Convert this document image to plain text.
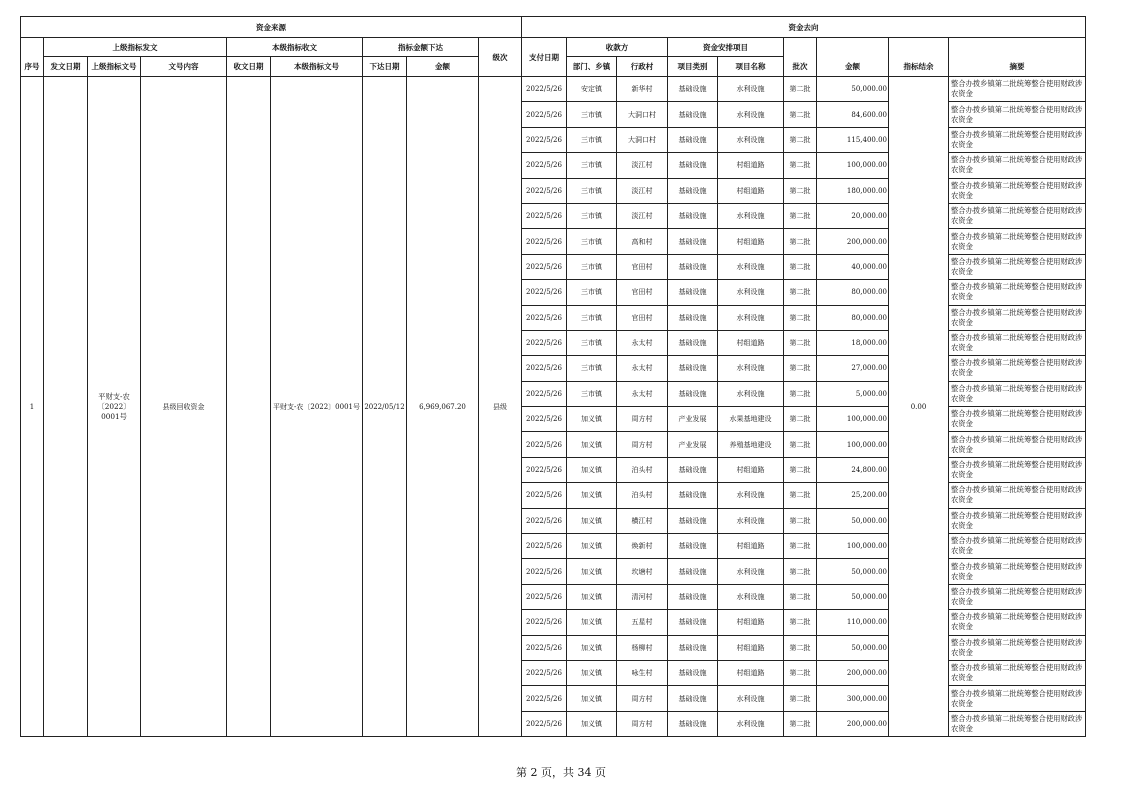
资金来源									资金去向								
	上级指标发文			本级指标收文		指标金额下达		级次	支付日期	收款方		资金安排项目					
序号	发文日期	上级指标文号	文号内容	收文日期	本级指标文号	下达日期	金额			部门、乡镇	行政村	项目类别	项目名称	批次	金额	指标结余	摘要
1		平财支-农〔2022〕0001号	县级回收资金		平财支-农〔2022〕0001号	2022/05/12	6,969,067.20	县级	2022/5/26	安定镇	新华村	基础设施	水利设施	第二批	50,000.00	0.00	整合办拨乡镇第二批统筹整合使用财政涉农资金
									2022/5/26	三市镇	大洞口村	基础设施	水利设施	第二批	84,600.00		整合办拨乡镇第二批统筹整合使用财政涉农资金
									2022/5/26	三市镇	大洞口村	基础设施	水利设施	第二批	115,400.00		整合办拨乡镇第二批统筹整合使用财政涉农资金
									2022/5/26	三市镇	淡江村	基础设施	村组道路	第二批	100,000.00		整合办拨乡镇第二批统筹整合使用财政涉农资金
									2022/5/26	三市镇	淡江村	基础设施	村组道路	第二批	180,000.00		整合办拨乡镇第二批统筹整合使用财政涉农资金
									2022/5/26	三市镇	淡江村	基础设施	水利设施	第二批	20,000.00		整合办拨乡镇第二批统筹整合使用财政涉农资金
									2022/5/26	三市镇	高和村	基础设施	村组道路	第二批	200,000.00		整合办拨乡镇第二批统筹整合使用财政涉农资金
									2022/5/26	三市镇	官田村	基础设施	水利设施	第二批	40,000.00		整合办拨乡镇第二批统筹整合使用财政涉农资金
									2022/5/26	三市镇	官田村	基础设施	水利设施	第二批	80,000.00		整合办拨乡镇第二批统筹整合使用财政涉农资金
									2022/5/26	三市镇	官田村	基础设施	水利设施	第二批	80,000.00		整合办拨乡镇第二批统筹整合使用财政涉农资金
									2022/5/26	三市镇	永太村	基础设施	村组道路	第二批	18,000.00		整合办拨乡镇第二批统筹整合使用财政涉农资金
									2022/5/26	三市镇	永太村	基础设施	水利设施	第二批	27,000.00		整合办拨乡镇第二批统筹整合使用财政涉农资金
									2022/5/26	三市镇	永太村	基础设施	水利设施	第二批	5,000.00		整合办拨乡镇第二批统筹整合使用财政涉农资金
									2022/5/26	加义镇	周方村	产业发展	水果基地建设	第二批	100,000.00		整合办拨乡镇第二批统筹整合使用财政涉农资金
									2022/5/26	加义镇	周方村	产业发展	养殖基地建设	第二批	100,000.00		整合办拨乡镇第二批统筹整合使用财政涉农资金
									2022/5/26	加义镇	泊头村	基础设施	村组道路	第二批	24,800.00		整合办拨乡镇第二批统筹整合使用财政涉农资金
									2022/5/26	加义镇	泊头村	基础设施	水利设施	第二批	25,200.00		整合办拨乡镇第二批统筹整合使用财政涉农资金
									2022/5/26	加义镇	横江村	基础设施	水利设施	第二批	50,000.00		整合办拨乡镇第二批统筹整合使用财政涉农资金
									2022/5/26	加义镇	焕新村	基础设施	村组道路	第二批	100,000.00		整合办拨乡镇第二批统筹整合使用财政涉农资金
									2022/5/26	加义镇	坎塘村	基础设施	水利设施	第二批	50,000.00		整合办拨乡镇第二批统筹整合使用财政涉农资金
									2022/5/26	加义镇	清河村	基础设施	水利设施	第二批	50,000.00		整合办拨乡镇第二批统筹整合使用财政涉农资金
									2022/5/26	加义镇	五星村	基础设施	村组道路	第二批	110,000.00		整合办拨乡镇第二批统筹整合使用财政涉农资金
									2022/5/26	加义镇	杨柳村	基础设施	村组道路	第二批	50,000.00		整合办拨乡镇第二批统筹整合使用财政涉农资金
									2022/5/26	加义镇	咏生村	基础设施	村组道路	第二批	200,000.00		整合办拨乡镇第二批统筹整合使用财政涉农资金
									2022/5/26	加义镇	周方村	基础设施	水利设施	第二批	300,000.00		整合办拨乡镇第二批统筹整合使用财政涉农资金
									2022/5/26	加义镇	周方村	基础设施	水利设施	第二批	200,000.00		整合办拨乡镇第二批统筹整合使用财政涉农资金
第 2 页，共 34 页
